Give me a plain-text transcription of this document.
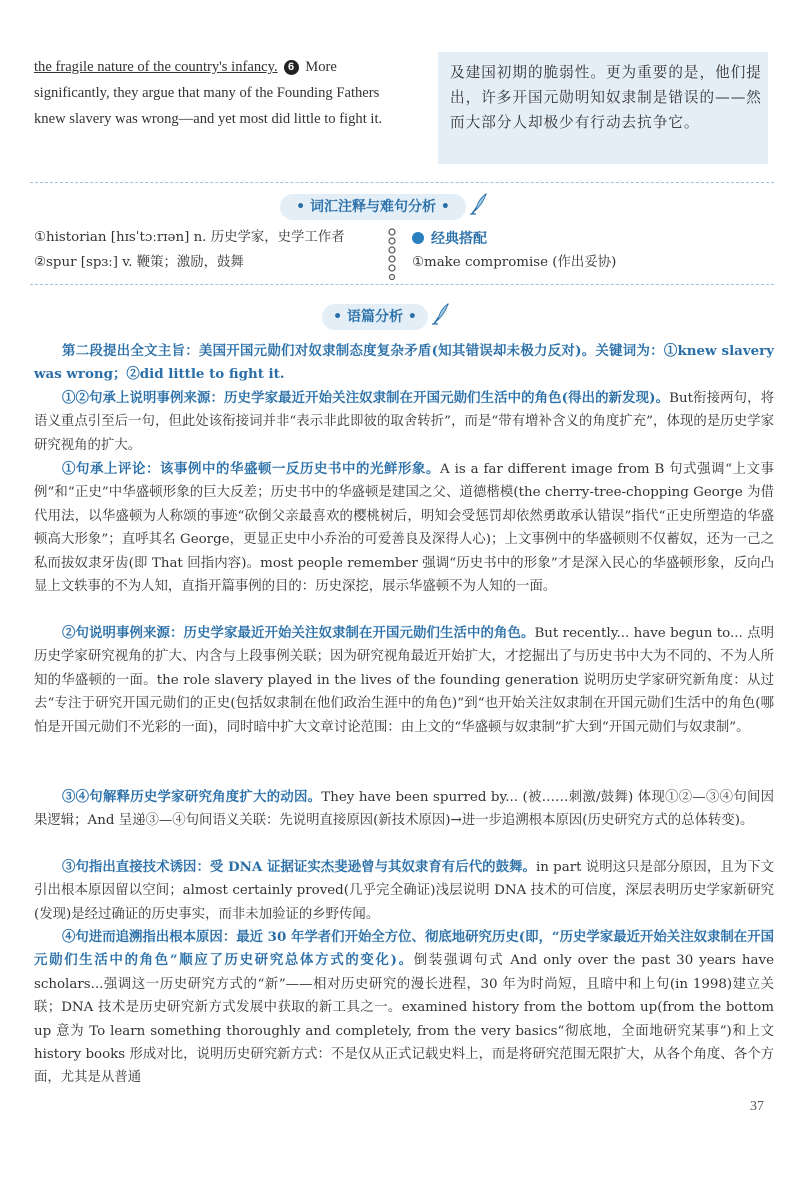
the fragile nature of the country's infancy. 6 More
significantly, they argue that many of the Founding Fathers
knew slavery was wrong—and yet most did little to fight it.
及建国初期的脆弱性。更为重要的是，他们提出，许多开国元勋明知奴隶制是错误的——然而大部分人却极少有行动去抗争它。
• 词汇注释与难句分析 •
①historian [hɪsˈtɔːrɪən] n. 历史学家，史学工作者
②spur [spɜː] v. 鞭策；激励，鼓舞
经典搭配
①make compromise (作出妥协)
• 语篇分析 •
第二段提出全文主旨：美国开国元勋们对奴隶制态度复杂矛盾(知其错误却未极力反对)。关键词为：①knew slavery was wrong；②did little to fight it.
①②句承上说明事例来源：历史学家最近开始关注奴隶制在开国元勋们生活中的角色(得出的新发现)。But衔接两句，将语义重点引至后一句，但此处该衔接词并非“表示非此即彼的取舍转折”，而是“带有增补含义的角度扩充”，体现的是历史学家研究视角的扩大。
①句承上评论：该事例中的华盛顿一反历史书中的光鲜形象。A is a far different image from B 句式强调“上文事例”和“正史”中华盛顿形象的巨大反差；历史书中的华盛顿是建国之父、道德楷模(the cherry-tree-chopping George 为借代用法，以华盛顿为人称颂的事迹“砍倒父亲最喜欢的樱桃树后，明知会受惩罚却依然勇敢承认错误”指代“正史所塑造的华盛顿高大形象”；直呼其名 George，更显正史中小乔治的可爱善良及深得人心)；上文事例中的华盛顿则不仅蓄奴，还为一己之私而拔奴隶牙齿(即 That 回指内容)。most people remember 强调“历史书中的形象”才是深入民心的华盛顿形象，反向凸显上文轶事的不为人知，直指开篇事例的目的：历史深挖，展示华盛顿不为人知的一面。
②句说明事例来源：历史学家最近开始关注奴隶制在开国元勋们生活中的角色。But recently... have begun to... 点明历史学家研究视角的扩大、内含与上段事例关联；因为研究视角最近开始扩大，才挖掘出了与历史书中大为不同的、不为人所知的华盛顿的一面。the role slavery played in the lives of the founding generation 说明历史学家研究新角度：从过去“专注于研究开国元勋们的正史(包括奴隶制在他们政治生涯中的角色)”到“也开始关注奴隶制在开国元勋们生活中的角色(哪怕是开国元勋们不光彩的一面)，同时暗中扩大文章讨论范围：由上文的“华盛顿与奴隶制”扩大到“开国元勋们与奴隶制”。
③④句解释历史学家研究角度扩大的动因。They have been spurred by... (被……刺激/鼓舞) 体现①②—③④句间因果逻辑；And 呈递③—④句间语义关联：先说明直接原因(新技术原因)→进一步追溯根本原因(历史研究方式的总体转变)。
③句指出直接技术诱因：受 DNA 证据证实杰斐逊曾与其奴隶育有后代的鼓舞。in part 说明这只是部分原因，且为下文引出根本原因留以空间；almost certainly proved(几乎完全确证)浅层说明 DNA 技术的可信度，深层表明历史学家新研究(发现)是经过确证的历史事实，而非未加验证的乡野传闻。
④句进而追溯指出根本原因：最近 30 年学者们开始全方位、彻底地研究历史(即，“历史学家最近开始关注奴隶制在开国元勋们生活中的角色”顺应了历史研究总体方式的变化)。倒装强调句式 And only over the past 30 years have scholars...强调这一历史研究方式的“新”——相对历史研究的漫长进程，30 年为时尚短，且暗中和上句(in 1998)建立关联；DNA 技术是历史研究新方式发展中获取的新工具之一。examined history from the bottom up(from the bottom up 意为 To learn something thoroughly and completely, from the very basics“彻底地，全面地研究某事”)和上文 history books 形成对比，说明历史研究新方式：不是仅从正式记载史料上，而是将研究范围无限扩大，从各个角度、各个方面，尤其是从普通
37
